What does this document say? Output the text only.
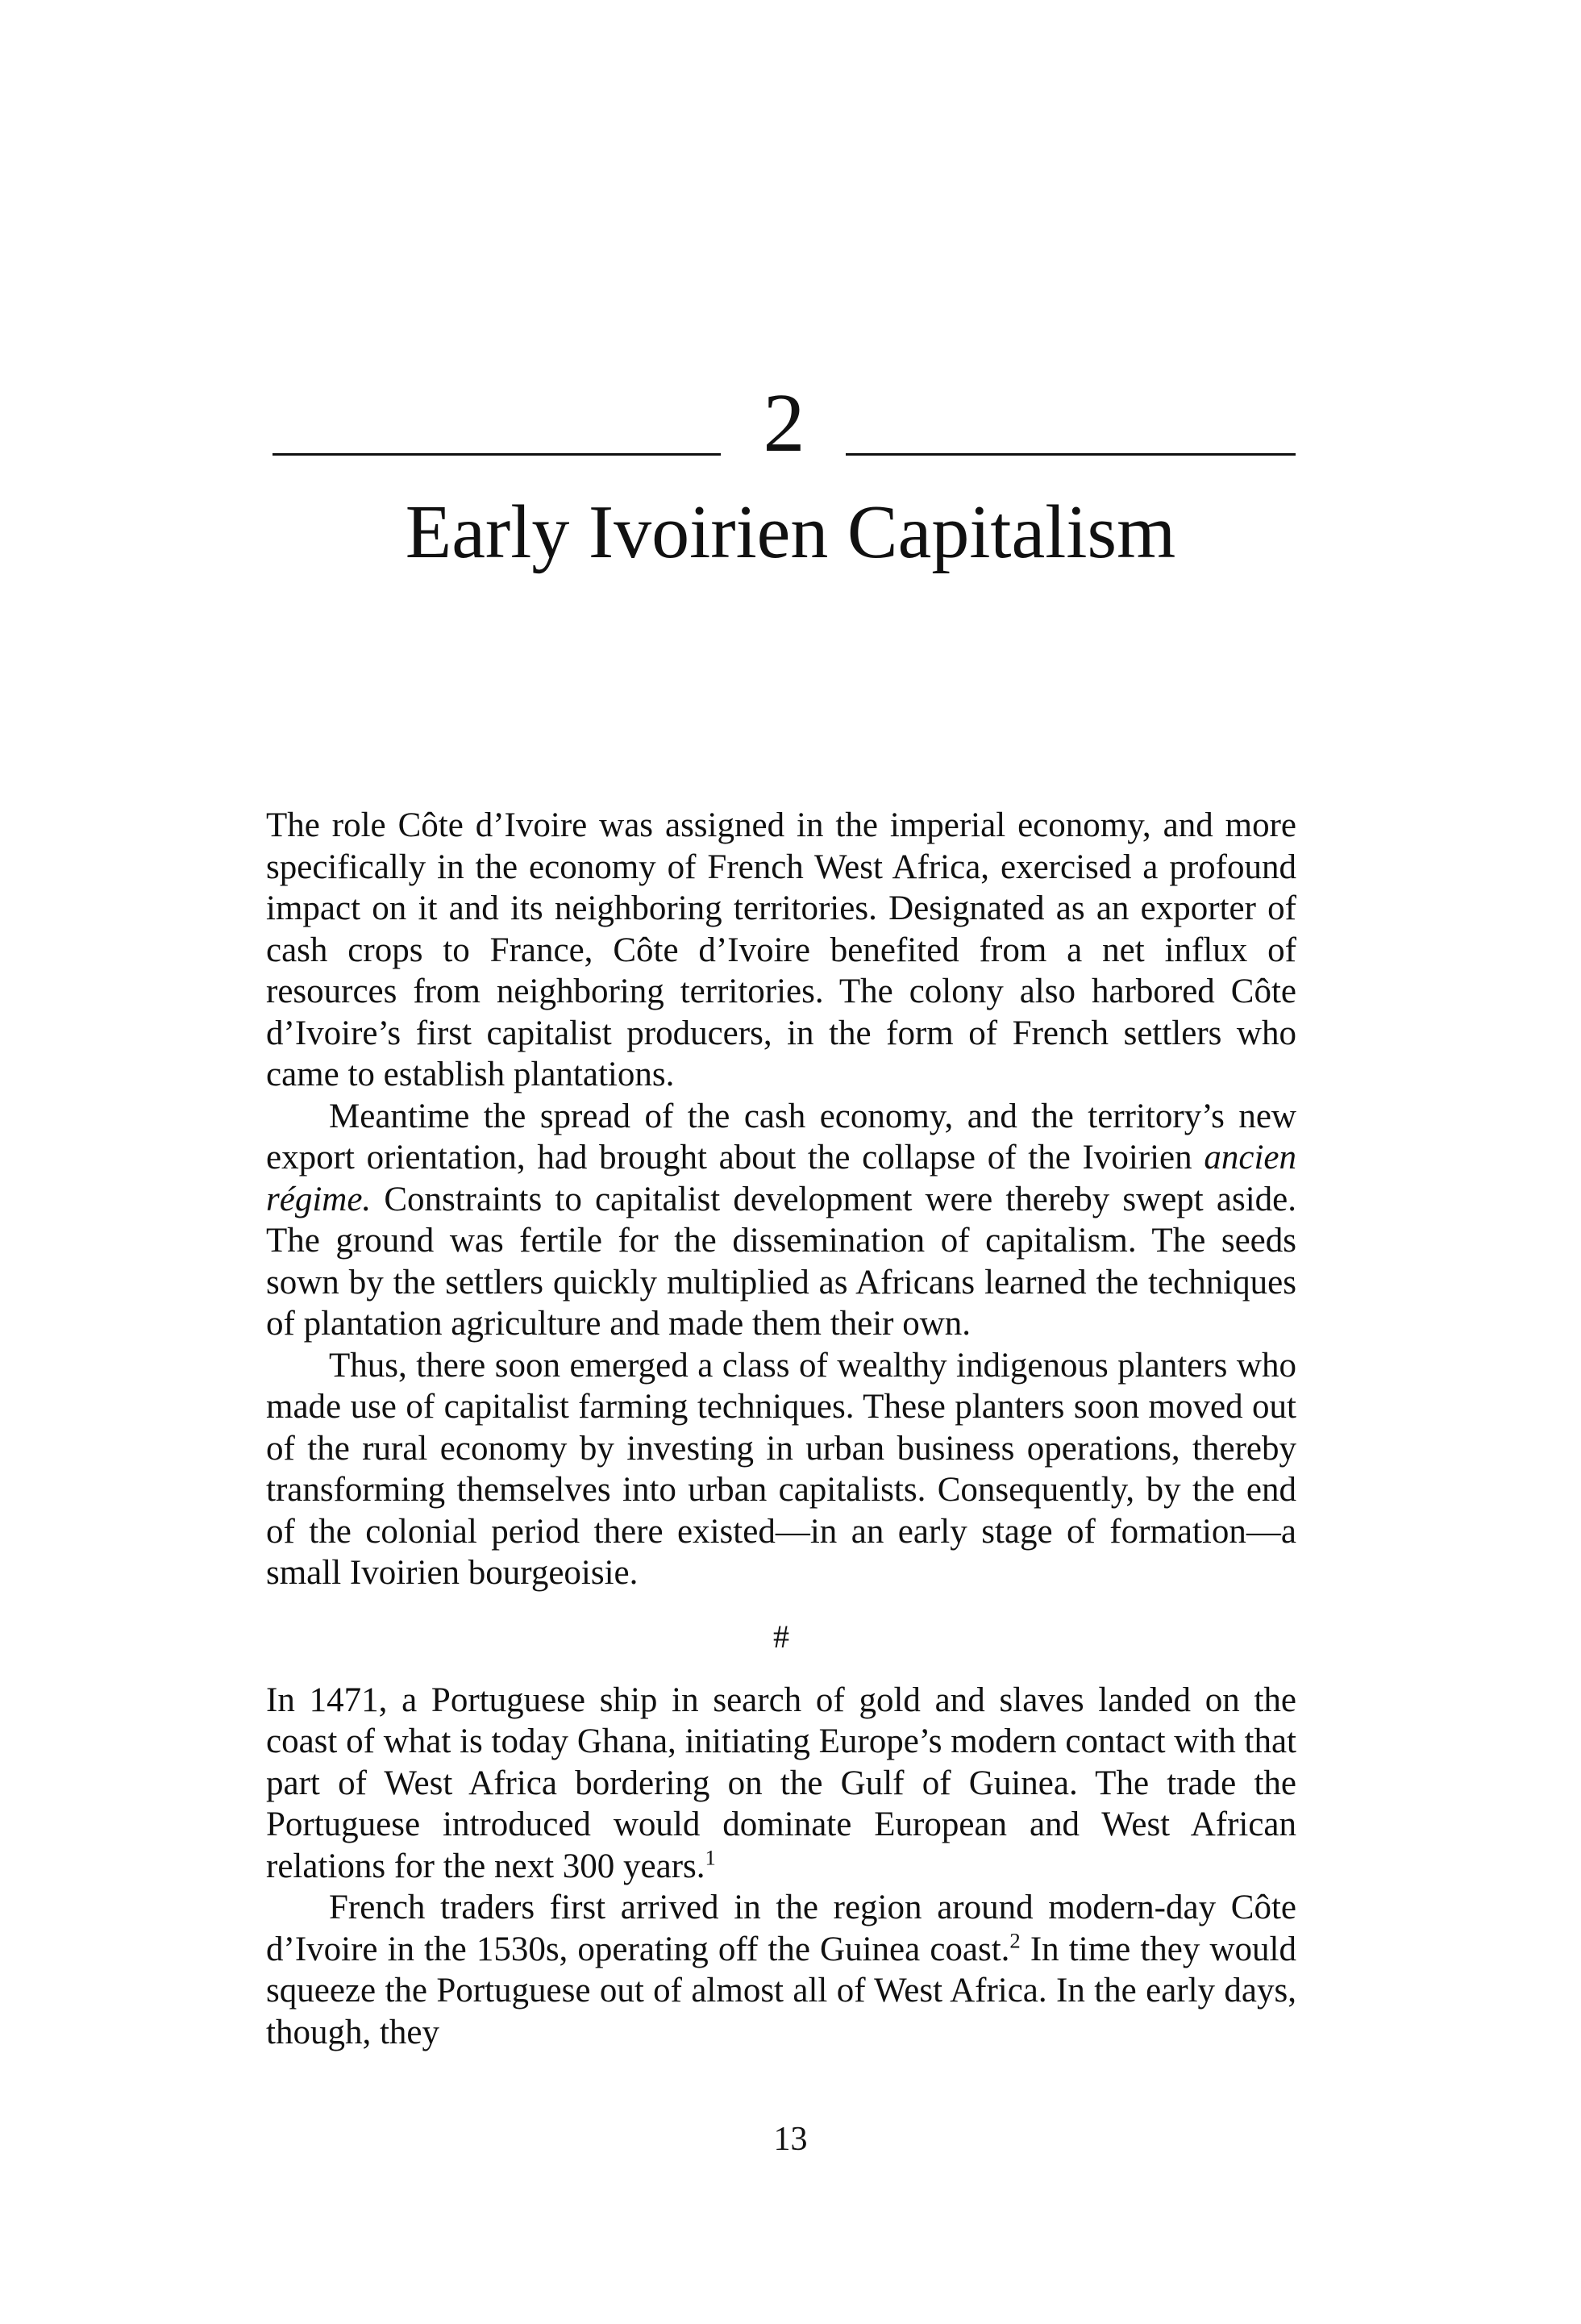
2
Early Ivoirien Capitalism

The role Côte d’Ivoire was assigned in the imperial economy, and more specifically in the economy of French West Africa, exercised a profound impact on it and its neighboring territories. Designated as an exporter of cash crops to France, Côte d’Ivoire benefited from a net influx of resources from neighboring territories. The colony also harbored Côte d’Ivoire’s first capitalist producers, in the form of French settlers who came to establish plantations.

Meantime the spread of the cash economy, and the territory’s new export orientation, had brought about the collapse of the Ivoirien ancien régime. Constraints to capitalist development were thereby swept aside. The ground was fertile for the dissemination of capitalism. The seeds sown by the settlers quickly multiplied as Africans learned the techniques of plantation agriculture and made them their own.

Thus, there soon emerged a class of wealthy indigenous planters who made use of capitalist farming techniques. These planters soon moved out of the rural economy by investing in urban business operations, thereby transforming themselves into urban capitalists. Consequently, by the end of the colonial period there existed—in an early stage of formation—a small Ivoirien bourgeoisie.

#

In 1471, a Portuguese ship in search of gold and slaves landed on the coast of what is today Ghana, initiating Europe’s modern contact with that part of West Africa bordering on the Gulf of Guinea. The trade the Portuguese introduced would dominate European and West African relations for the next 300 years.$^1$

French traders first arrived in the region around modern-day Côte d’Ivoire in the 1530s, operating off the Guinea coast.$^2$ In time they would squeeze the Portuguese out of almost all of West Africa. In the early days, though, they

13
